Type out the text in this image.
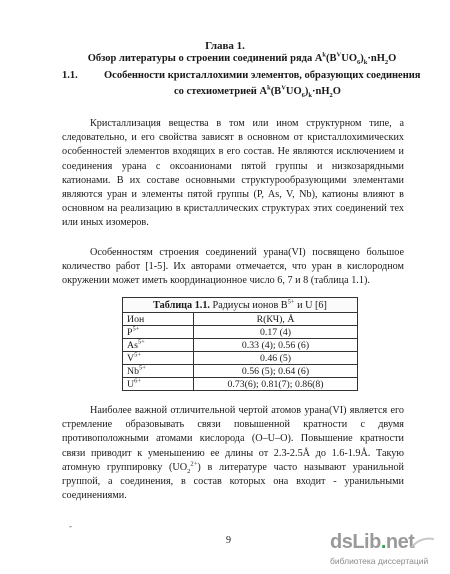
Глава 1.
Обзор литературы о строении соединений ряда $A^k(B^VUO_6)_k\cdot nH_2O$
1.1.	Особенности кристаллохимии элементов, образующих соединения
со стехиометрией $A^k(B^VUO_6)_k\cdot nH_2O$
Кристаллизация вещества в том или ином структурном типе, а следовательно, и его свойства зависят в основном от кристаллохимических особенностей элементов входящих в его состав. Не являются исключением и соединения урана с оксоанионами пятой группы и низкозарядными катионами. В их составе основными структурообразующими элементами являются уран и элементы пятой группы (P, As, V, Nb), катионы влияют в основном на реализацию в кристаллических структурах этих соединений тех или иных изомеров.
Особенностям строения соединений урана(VI) посвящено большое количество работ [1-5]. Их авторами отмечается, что уран в кислородном окружении может иметь координационное число 6, 7 и 8 (таблица 1.1).
Таблица 1.1. Радиусы ионов $B^{5+}$ и U [6]
Ион	R(КЧ), Å
$P^{5+}$	0.17 (4)
$As^{5+}$	0.33 (4); 0.56 (6)
$V^{5+}$	0.46 (5)
$Nb^{5+}$	0.56 (5); 0.64 (6)
$U^{6+}$	0.73(6); 0.81(7); 0.86(8)
Наиболее важной отличительной чертой атомов урана(VI) является его стремление образовывать связи повышенной кратности с двумя противоположными атомами кислорода (O–U–O). Повышение кратности связи приводит к уменьшению ее длины от 2.3-2.5Å до 1.6-1.9Å. Такую атомную группировку $(UO_2^{2+})$ в литературе часто называют уранильной группой, а соединения, в состав которых она входит - уранильными соединениями.
-
9	dsLib.net
библиотека диссертаций
